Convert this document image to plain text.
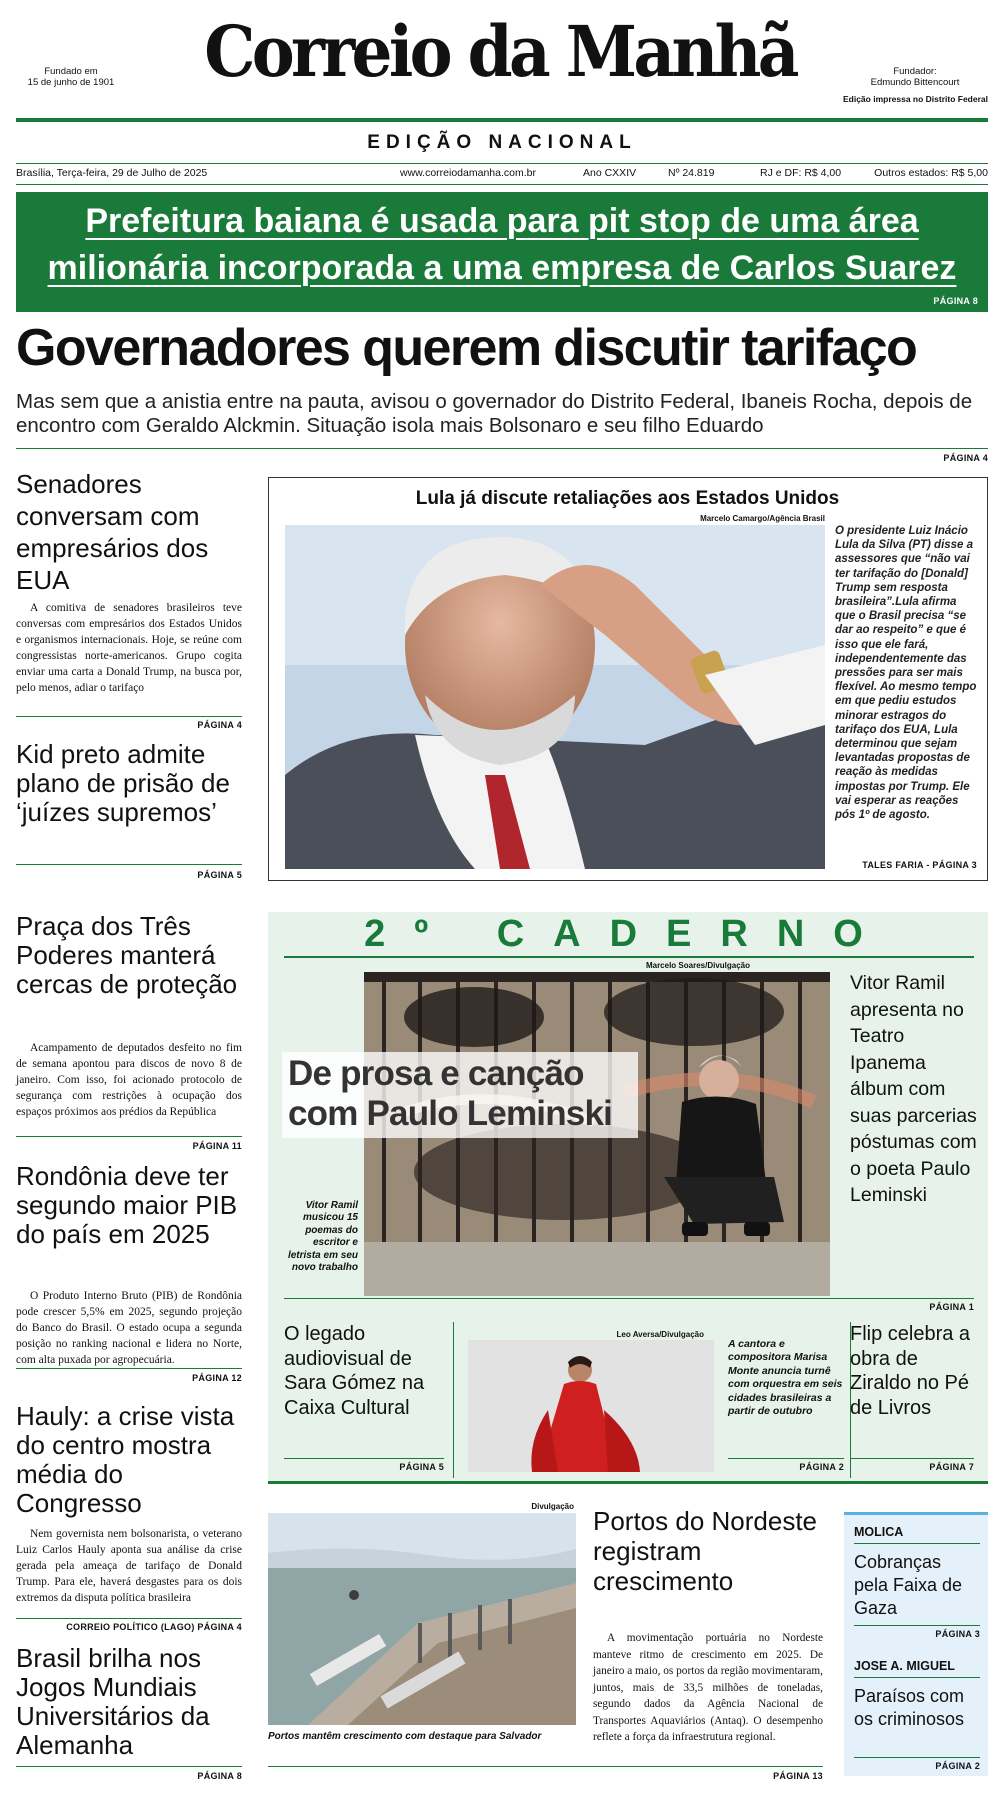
Fundado em
15 de junho de 1901	Correio da Manhã	Fundador:
Edmundo Bittencourt
Edição impressa no Distrito Federal
EDIÇÃO NACIONAL
Brasília, Terça-feira, 29 de Julho de 2025	www.correiodamanha.com.br	Ano CXXIV	Nº 24.819	RJ e DF: R$ 4,00	Outros estados: R$ 5,00
Prefeitura baiana é usada para pit stop de uma área milionária incorporada a uma empresa de Carlos Suarez
PÁGINA 8
Governadores querem discutir tarifaço
Mas sem que a anistia entre na pauta, avisou o governador do Distrito Federal, Ibaneis Rocha, depois de encontro com Geraldo Alckmin. Situação isola mais Bolsonaro e seu filho Eduardo
PÁGINA 4
Senadores conversam com empresários dos EUA
A comitiva de senadores brasileiros teve conversas com empresários dos Estados Unidos e organismos internacionais. Hoje, se reúne com congressistas norte-americanos. Grupo cogita enviar uma carta a Donald Trump, na busca por, pelo menos, adiar o tarifaço
PÁGINA 4
Kid preto admite plano de prisão de ‘juízes supremos’
PÁGINA 5
Praça dos Três Poderes manterá cercas de proteção
Acampamento de deputados desfeito no fim de semana apontou para discos de novo 8 de janeiro. Com isso, foi acionado protocolo de segurança com restrições à ocupação dos espaços próximos aos prédios da República
PÁGINA 11
Rondônia deve ter segundo maior PIB do país em 2025
O Produto Interno Bruto (PIB) de Rondônia pode crescer 5,5% em 2025, segundo projeção do Banco do Brasil. O estado ocupa a segunda posição no ranking nacional e lidera no Norte, com alta puxada por agropecuária.
PÁGINA 12
Hauly: a crise vista do centro mostra média do Congresso
Nem governista nem bolsonarista, o veterano Luiz Carlos Hauly aponta sua análise da crise gerada pela ameaça de tarifaço de Donald Trump. Para ele, haverá desgastes para os dois extremos da disputa política brasileira
CORREIO POLÍTICO (LAGO) PÁGINA 4
Brasil brilha nos Jogos Mundiais Universitários da Alemanha
PÁGINA 8
Lula já discute retaliações aos Estados Unidos
Marcelo Camargo/Agência Brasil
O presidente Luiz Inácio Lula da Silva (PT) disse a assessores que “não vai ter tarifação do [Donald] Trump sem resposta brasileira”.Lula afirma que o Brasil precisa “se dar ao respeito” e que é isso que ele fará, independentemente das pressões para ser mais flexível. Ao mesmo tempo em que pediu estudos minorar estragos do tarifaço dos EUA, Lula determinou que sejam levantadas propostas de reação às medidas impostas por Trump. Ele vai esperar as reações pós 1º de agosto.
TALES FARIA - PÁGINA 3
2º CADERNO
Marcelo Soares/Divulgação
De prosa e canção com Paulo Leminski
Vitor Ramil musicou 15 poemas do escritor e letrista em seu novo trabalho
Vitor Ramil apresenta no Teatro Ipanema álbum com suas parcerias póstumas com o poeta Paulo Leminski
PÁGINA 1
O legado audiovisual de Sara Gómez na Caixa Cultural
PÁGINA 5
Leo Aversa/Divulgação
A cantora e compositora Marisa Monte anuncia turnê com orquestra em seis cidades brasileiras a partir de outubro
PÁGINA 2
Flip celebra a obra de Ziraldo no Pé de Livros
PÁGINA 7
Divulgação
Portos mantêm crescimento com destaque para Salvador
Portos do Nordeste registram crescimento
A movimentação portuária no Nordeste manteve ritmo de crescimento em 2025. De janeiro a maio, os portos da região movimentaram, juntos, mais de 33,5 milhões de toneladas, segundo dados da Agência Nacional de Transportes Aquaviários (Antaq). O desempenho reflete a força da infraestrutura regional.
PÁGINA 13
MOLICA
Cobranças pela Faixa de Gaza
PÁGINA 3
JOSE A. MIGUEL
Paraísos com os criminosos
PÁGINA 2
